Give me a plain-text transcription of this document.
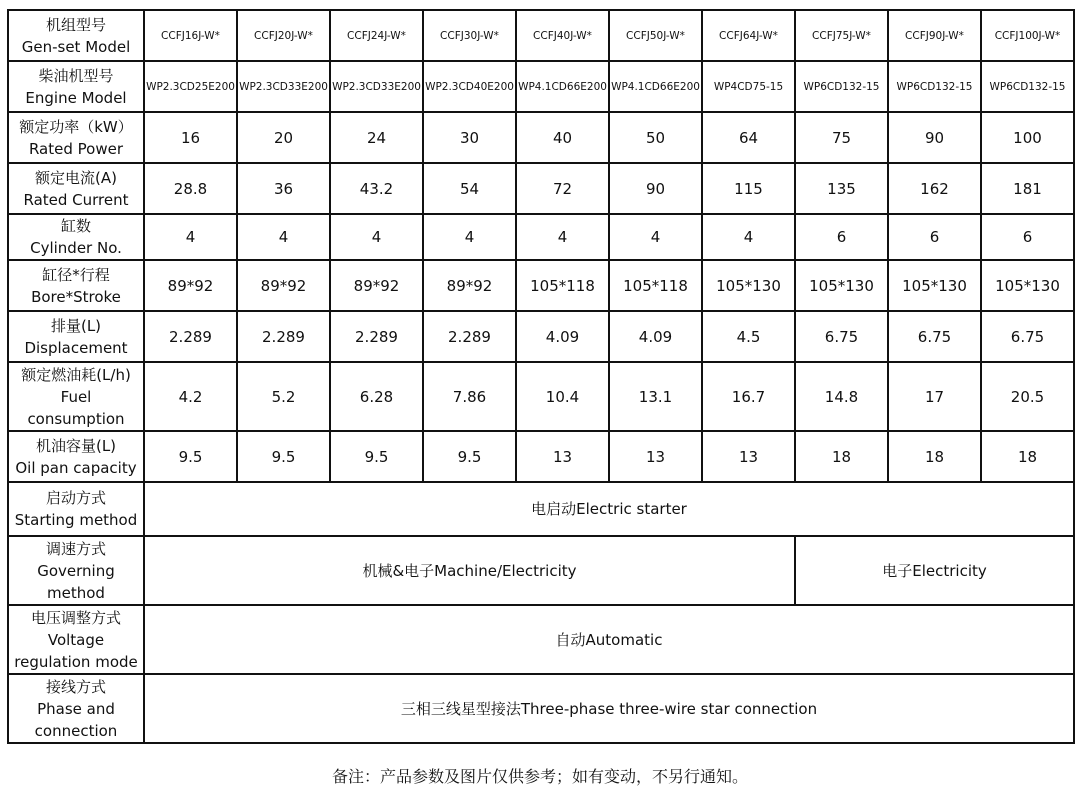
机组型号
Gen-set Model	CCFJ16J-W*	CCFJ20J-W*	CCFJ24J-W*	CCFJ30J-W*	CCFJ40J-W*	CCFJ50J-W*	CCFJ64J-W*	CCFJ75J-W*	CCFJ90J-W*	CCFJ100J-W*
柴油机型号
Engine Model	WP2.3CD25E200	WP2.3CD33E200	WP2.3CD33E200	WP2.3CD40E200	WP4.1CD66E200	WP4.1CD66E200	WP4CD75-15	WP6CD132-15	WP6CD132-15	WP6CD132-15
额定功率（kW）
Rated Power	16	20	24	30	40	50	64	75	90	100
额定电流(A)
Rated Current	28.8	36	43.2	54	72	90	115	135	162	181
缸数
Cylinder No.	4	4	4	4	4	4	4	6	6	6
缸径*行程
Bore*Stroke	89*92	89*92	89*92	89*92	105*118	105*118	105*130	105*130	105*130	105*130
排量(L)
Displacement	2.289	2.289	2.289	2.289	4.09	4.09	4.5	6.75	6.75	6.75
额定燃油耗(L/h)
Fuel
consumption	4.2	5.2	6.28	7.86	10.4	13.1	16.7	14.8	17	20.5
机油容量(L)
Oil pan capacity	9.5	9.5	9.5	9.5	13	13	13	18	18	18
启动方式
Starting method	电启动Electric starter									
调速方式
Governing
method	机械&电子Machine/Electricity							电子Electricity		
电压调整方式
Voltage
regulation mode	自动Automatic									
接线方式
Phase and
connection	三相三线星型接法Three-phase three-wire star connection									
备注：产品参数及图片仅供参考；如有变动，不另行通知。
